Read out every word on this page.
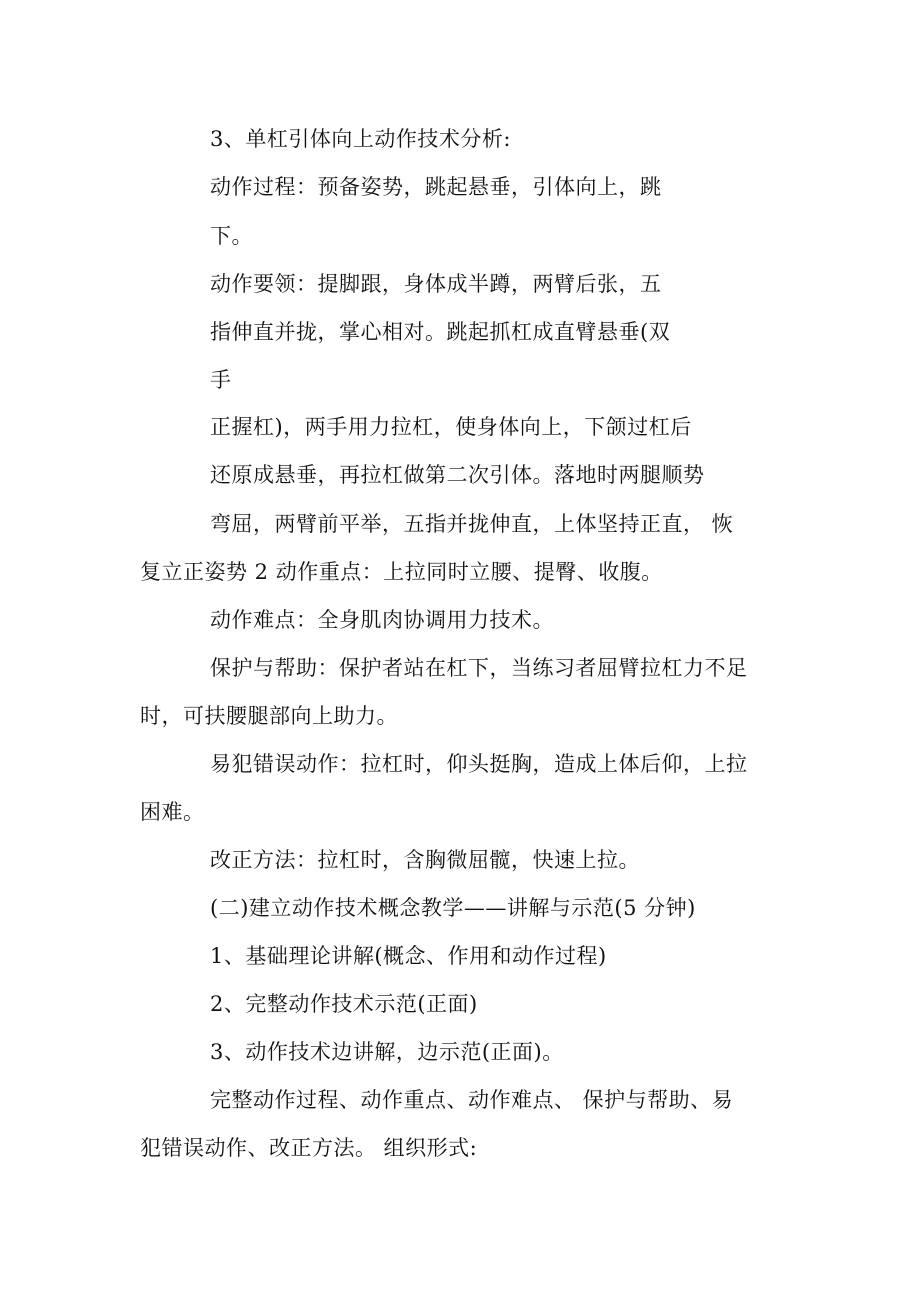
3、单杠引体向上动作技术分析:
动作过程：预备姿势，跳起悬垂，引体向上，跳
下。
动作要领：提脚跟，身体成半蹲，两臂后张，五
指伸直并拢，掌心相对。跳起抓杠成直臂悬垂(双
手
正握杠)，两手用力拉杠，使身体向上，下颌过杠后
还原成悬垂，再拉杠做第二次引体。落地时两腿顺势
弯屈，两臂前平举，五指并拢伸直，上体坚持正直， 恢
复立正姿势 2 动作重点：上拉同时立腰、提臀、收腹。
动作难点：全身肌肉协调用力技术。
保护与帮助：保护者站在杠下，当练习者屈臂拉杠力不足
时，可扶腰腿部向上助力。
易犯错误动作：拉杠时，仰头挺胸，造成上体后仰，上拉
困难。
改正方法：拉杠时，含胸微屈髋，快速上拉。
(二)建立动作技术概念教学——讲解与示范(5 分钟)
1、基础理论讲解(概念、作用和动作过程)
2、完整动作技术示范(正面)
3、动作技术边讲解，边示范(正面)。
完整动作过程、动作重点、动作难点、 保护与帮助、易
犯错误动作、改正方法。 组织形式:
